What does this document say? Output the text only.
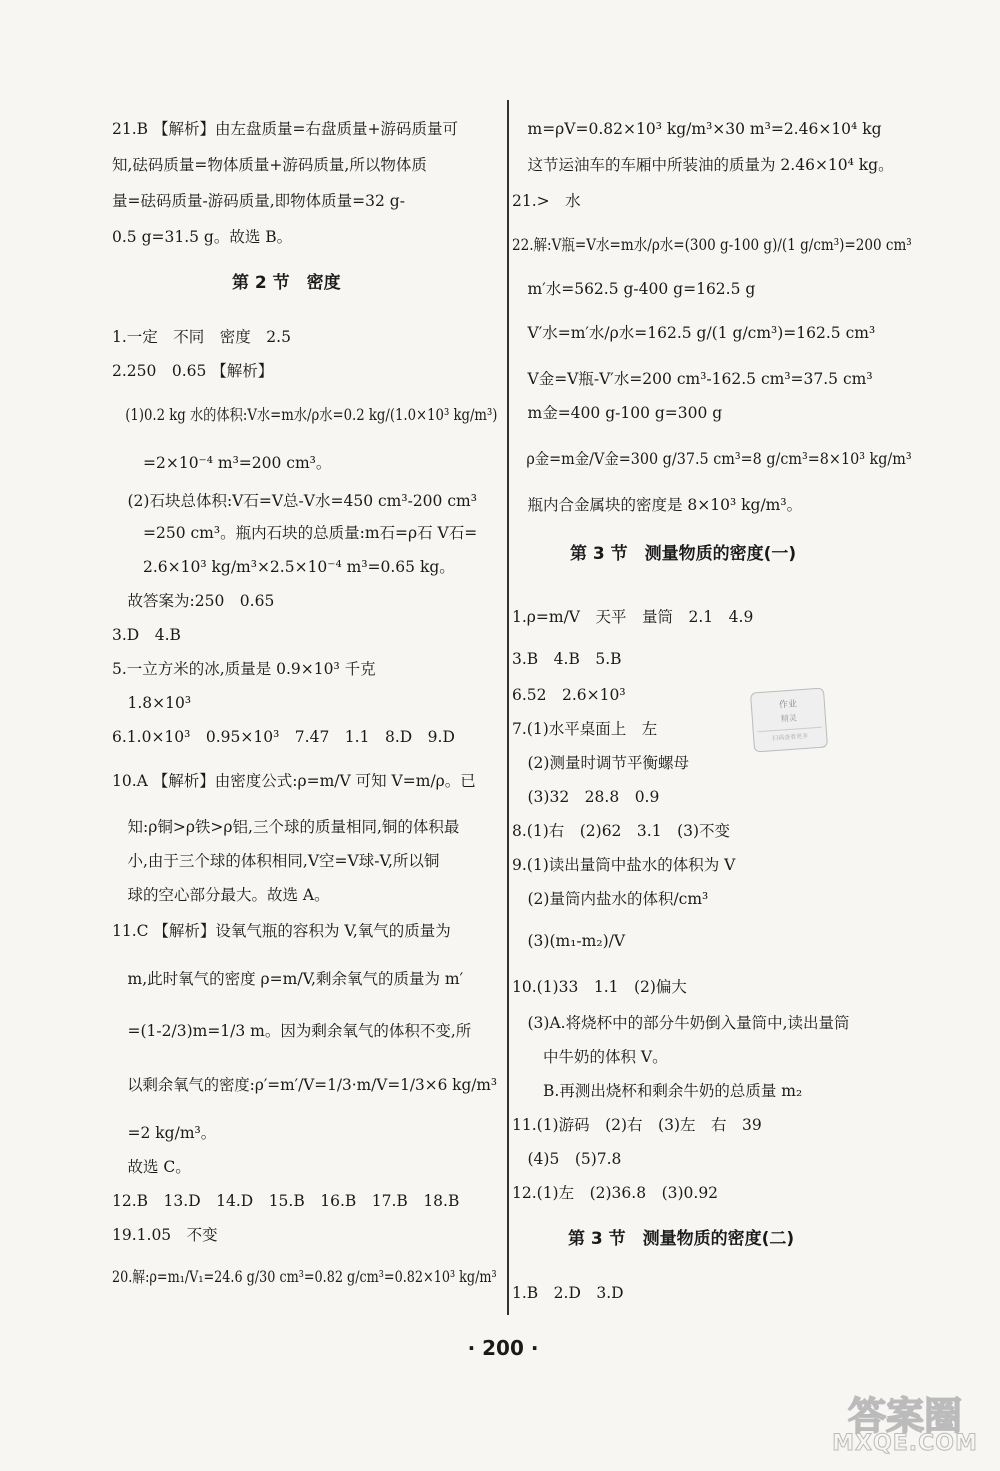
21.B 【解析】由左盘质量=右盘质量+游码质量可
知,砝码质量=物体质量+游码质量,所以物体质
量=砝码质量-游码质量,即物体质量=32 g-
0.5 g=31.5 g。故选 B。
1.一定　不同　密度　2.5
2.250　0.65 【解析】
　(1)0.2 kg 水的体积:V水=m水/ρ水=0.2 kg/(1.0×10³ kg/m³)
　　=2×10⁻⁴ m³=200 cm³。
　(2)石块总体积:V石=V总-V水=450 cm³-200 cm³
　　=250 cm³。瓶内石块的总质量:m石=ρ石 V石=
　　2.6×10³ kg/m³×2.5×10⁻⁴ m³=0.65 kg。
　故答案为:250　0.65
3.D　4.B
5.一立方米的冰,质量是 0.9×10³ 千克
　1.8×10³
6.1.0×10³　0.95×10³　7.47　1.1　8.D　9.D
10.A 【解析】由密度公式:ρ=m/V 可知 V=m/ρ。已
　知:ρ铜>ρ铁>ρ铝,三个球的质量相同,铜的体积最
　小,由于三个球的体积相同,V空=V球-V,所以铜
　球的空心部分最大。故选 A。
11.C 【解析】设氧气瓶的容积为 V,氧气的质量为
　m,此时氧气的密度 ρ=m/V,剩余氧气的质量为 m′
　=(1-2/3)m=1/3 m。因为剩余氧气的体积不变,所
　以剩余氧气的密度:ρ′=m′/V=1/3·m/V=1/3×6 kg/m³
　=2 kg/m³。
　故选 C。
12.B　13.D　14.D　15.B　16.B　17.B　18.B
19.1.05　不变
20.解:ρ=m₁/V₁=24.6 g/30 cm³=0.82 g/cm³=0.82×10³ kg/m³
　m=ρV=0.82×10³ kg/m³×30 m³=2.46×10⁴ kg
　这节运油车的车厢中所装油的质量为 2.46×10⁴ kg。
21.>　水
22.解:V瓶=V水=m水/ρ水=(300 g-100 g)/(1 g/cm³)=200 cm³
　m′水=562.5 g-400 g=162.5 g
　V′水=m′水/ρ水=162.5 g/(1 g/cm³)=162.5 cm³
　V金=V瓶-V′水=200 cm³-162.5 cm³=37.5 cm³
　m金=400 g-100 g=300 g
　ρ金=m金/V金=300 g/37.5 cm³=8 g/cm³=8×10³ kg/m³
　瓶内合金属块的密度是 8×10³ kg/m³。
1.ρ=m/V　天平　量筒　2.1　4.9
3.B　4.B　5.B
6.52　2.6×10³
7.(1)水平桌面上　左
　(2)测量时调节平衡螺母
　(3)32　28.8　0.9
8.(1)右　(2)62　3.1　(3)不变
9.(1)读出量筒中盐水的体积为 V
　(2)量筒内盐水的体积/cm³
　(3)(m₁-m₂)/V
10.(1)33　1.1　(2)偏大
　(3)A.将烧杯中的部分牛奶倒入量筒中,读出量筒
　　中牛奶的体积 V。
　　B.再测出烧杯和剩余牛奶的总质量 m₂
11.(1)游码　(2)右　(3)左　右　39
　(4)5　(5)7.8
12.(1)左　(2)36.8　(3)0.92
1.B　2.D　3.D
第 2 节　密度
第 3 节　测量物质的密度(一)
第 3 节　测量物质的密度(二)
作业
精灵
扫码查看更多
· 200 ·
答案圈
MXQE.COM
